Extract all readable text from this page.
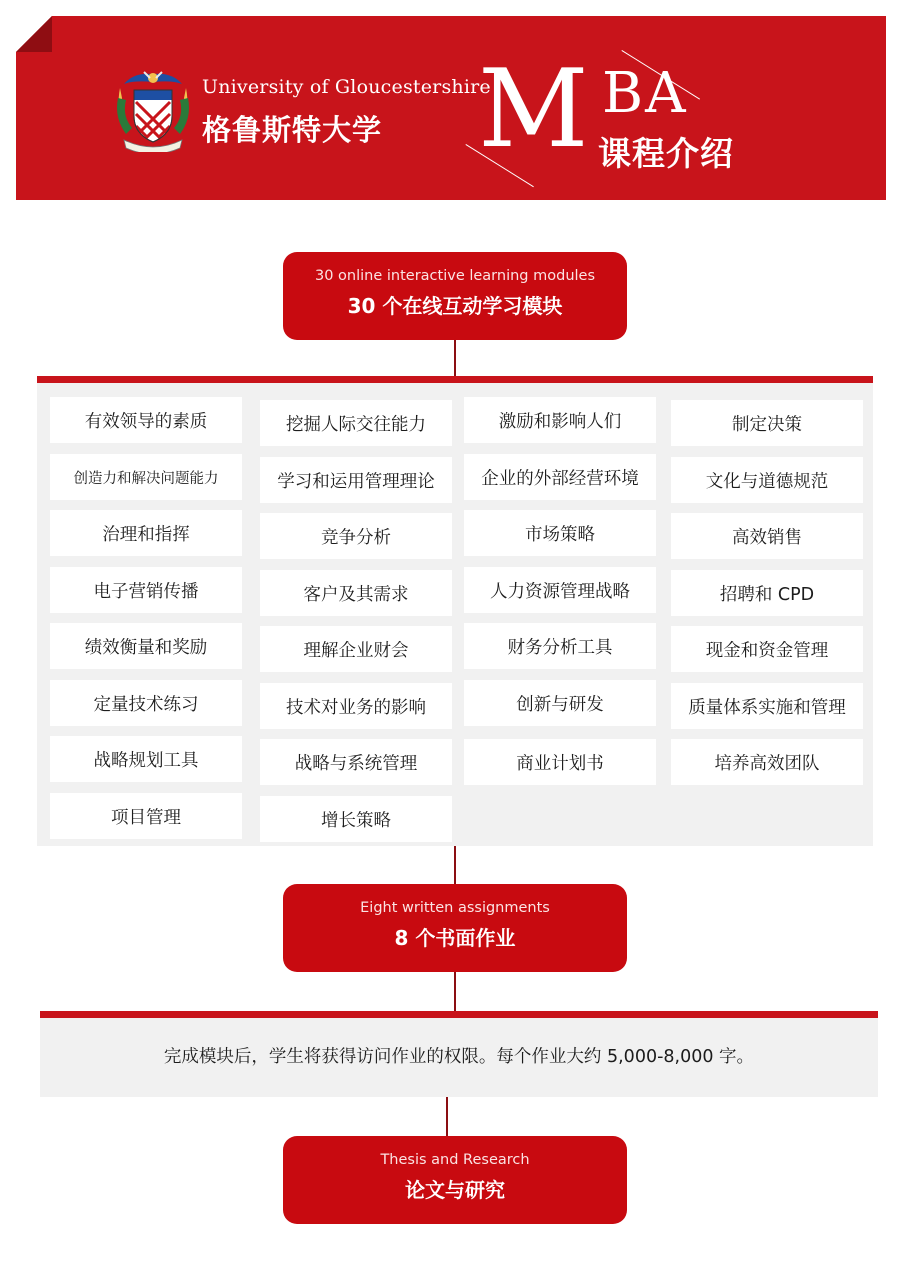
University of Gloucestershire
格鲁斯特大学 M BA
课程介绍
30 online interactive learning modules
30 个在线互动学习模块
有效领导的素质	挖掘人际交往能力	激励和影响人们	制定决策
创造力和解决问题能力	学习和运用管理理论	企业的外部经营环境	文化与道德规范
治理和指挥	竞争分析	市场策略	高效销售
电子营销传播	客户及其需求	人力资源管理战略	招聘和 CPD
绩效衡量和奖励	理解企业财会	财务分析工具	现金和资金管理
定量技术练习	技术对业务的影响	创新与研发	质量体系实施和管理
战略规划工具	战略与系统管理	商业计划书	培养高效团队
项目管理	增长策略
Eight written assignments
8 个书面作业
完成模块后，学生将获得访问作业的权限。每个作业大约 5,000-8,000 字。
Thesis and Research
论文与研究
